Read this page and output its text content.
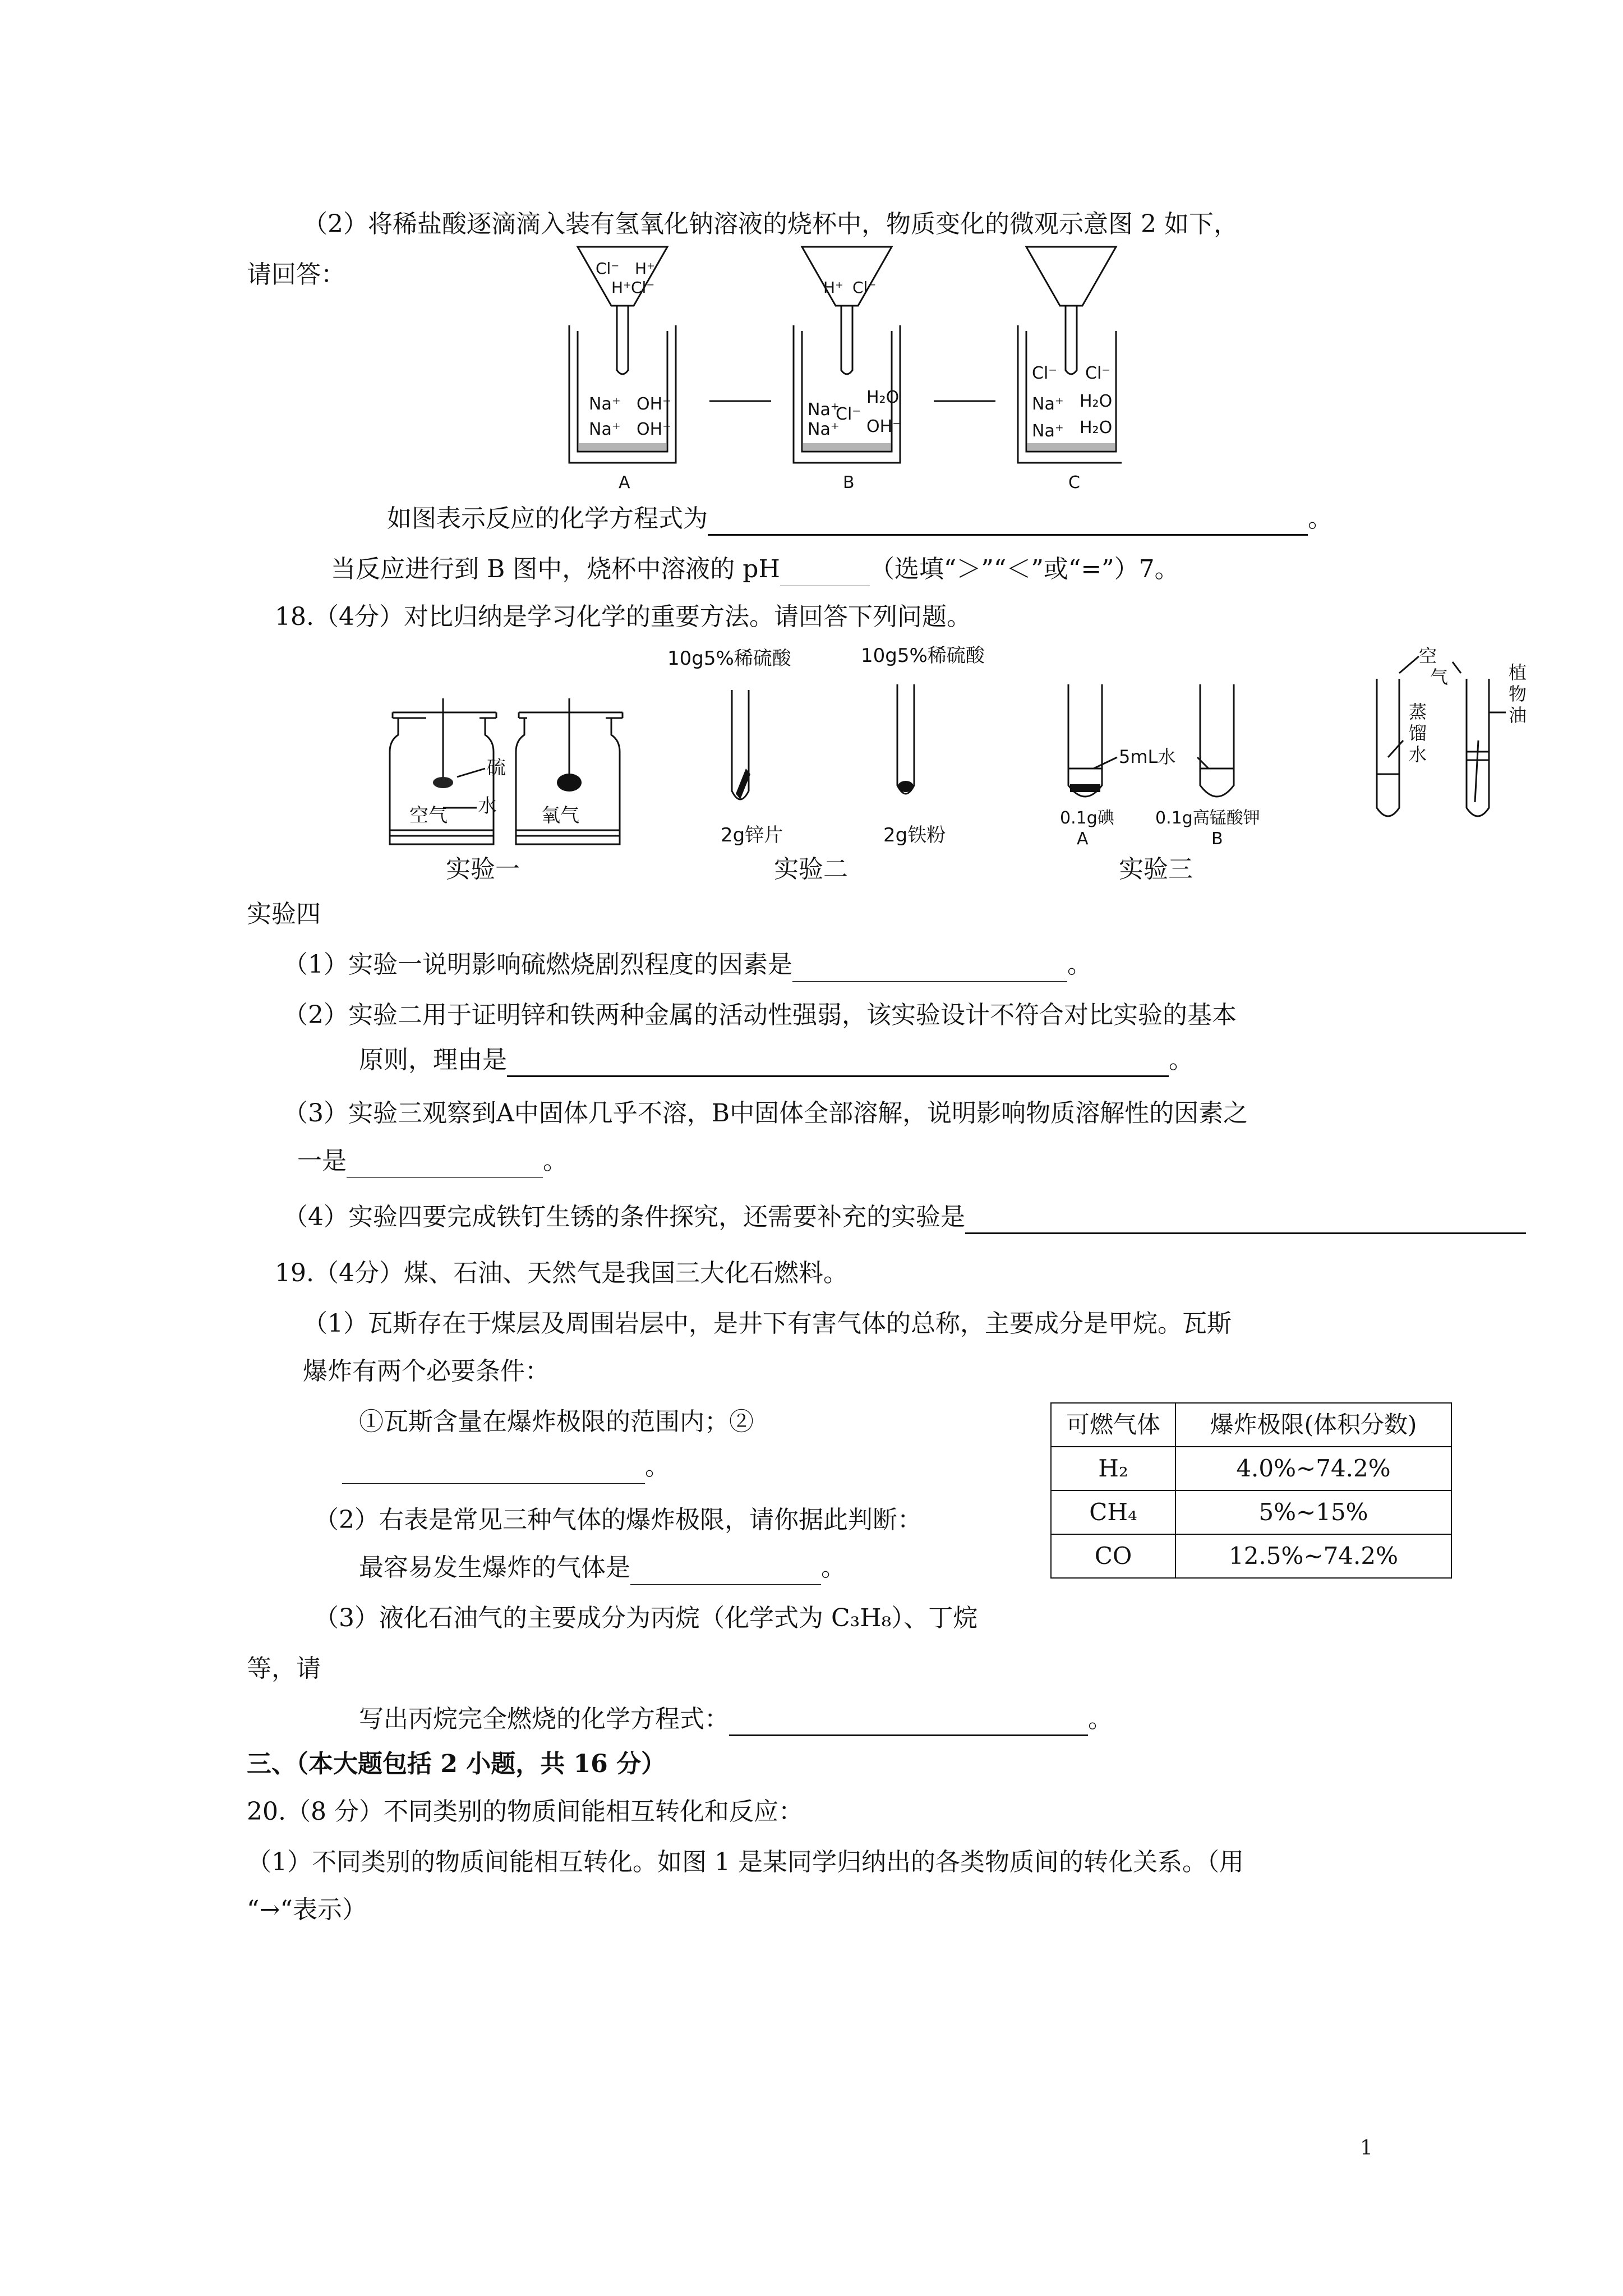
（2）将稀盐酸逐滴滴入装有氢氧化钠溶液的烧杯中，物质变化的微观示意图 2 如下，
请回答：	Cl⁻ H⁺
H⁺ Cl⁻
Na⁺ OH⁻
Na⁺ OH⁻
A
H⁺ Cl⁻
Na⁺
Cl⁻
H₂O
Na⁺ OH⁻
B
Cl⁻ Cl⁻
Na⁺ H₂O
Na⁺ H₂O
C
如图表示反应的化学方程式为	。
当反应进行到 B 图中，烧杯中溶液的 pH	（选填“＞”“＜”或“=”）7。
18.（4分）对比归纳是学习化学的重要方法。请回答下列问题。
硫
空气	氧气
水
实验一
10g5%稀硫酸	10g5%稀硫酸
2g锌片	2g铁粉
实验二
5mL水
0.1g碘 0.1g高锰酸钾
A	B
实验三
空
气
蒸
馏
水
植
物
油
实验四
（1）实验一说明影响硫燃烧剧烈程度的因素是	。
（2）实验二用于证明锌和铁两种金属的活动性强弱，该实验设计不符合对比实验的基本
原则，理由是	。
（3）实验三观察到A中固体几乎不溶，B中固体全部溶解，说明影响物质溶解性的因素之
一是	。
（4）实验四要完成铁钉生锈的条件探究，还需要补充的实验是
19.（4分）煤、石油、天然气是我国三大化石燃料。
（1）瓦斯存在于煤层及周围岩层中，是井下有害气体的总称，主要成分是甲烷。瓦斯
爆炸有两个必要条件：
①瓦斯含量在爆炸极限的范围内；②
。
（2）右表是常见三种气体的爆炸极限，请你据此判断：
最容易发生爆炸的气体是	。
（3）液化石油气的主要成分为丙烷（化学式为 C₃H₈）、丁烷
等，请
写出丙烷完全燃烧的化学方程式：	。
可燃气体	爆炸极限(体积分数)
H₂	4.0%~74.2%
CH₄	5%~15%
CO	12.5%~74.2%
三、（本大题包括 2 小题，共 16 分）
20.（8 分）不同类别的物质间能相互转化和反应：
（1）不同类别的物质间能相互转化。如图 1 是某同学归纳出的各类物质间的转化关系。（用
“→“表示）
1
